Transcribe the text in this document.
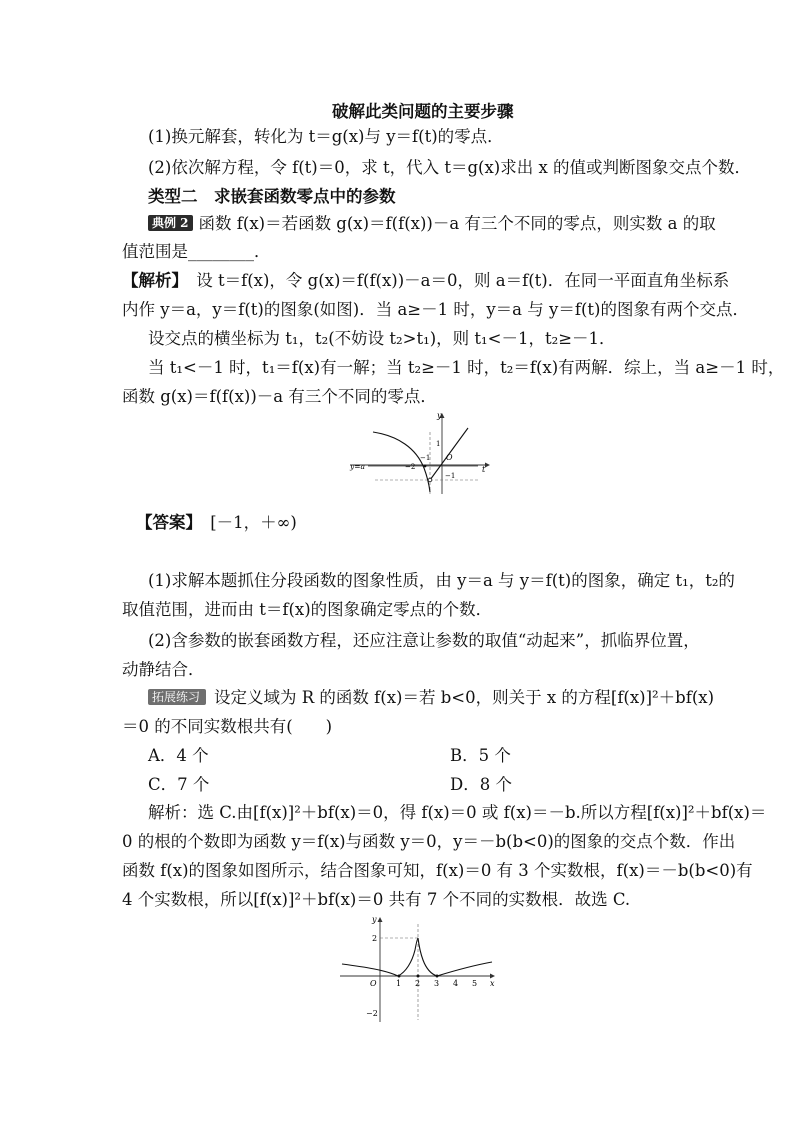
破解此类问题的主要步骤
(1)换元解套，转化为 t＝g(x)与 y＝f(t)的零点．
(2)依次解方程，令 f(t)＝0，求 t，代入 t＝g(x)求出 x 的值或判断图象交点个数．
类型二　求嵌套函数零点中的参数
典例 2 函数 f(x)＝若函数 g(x)＝f(f(x))－a 有三个不同的零点，则实数 a 的取
值范围是________．
【解析】　 设 t＝f(x)，令 g(x)＝f(f(x))－a＝0，则 a＝f(t)．在同一平面直角坐标系
内作 y＝a，y＝f(t)的图象(如图)．当 a≥－1 时，y＝a 与 y＝f(t)的图象有两个交点．
设交点的横坐标为 t₁，t₂(不妨设 t₂>t₁)，则 t₁<－1，t₂≥－1．
当 t₁<－1 时，t₁＝f(x)有一解；当 t₂≥－1 时，t₂＝f(x)有两解．综上，当 a≥－1 时，
函数 g(x)＝f(f(x))－a 有三个不同的零点．
y
t
O
1
−1
−2
−1
y=a
【答案】　 [－1，＋∞)
(1)求解本题抓住分段函数的图象性质，由 y＝a 与 y＝f(t)的图象，确定 t₁，t₂的
取值范围，进而由 t＝f(x)的图象确定零点的个数．
(2)含参数的嵌套函数方程，还应注意让参数的取值“动起来”，抓临界位置，
动静结合．
拓展练习 设定义域为 R 的函数 f(x)＝若 b<0，则关于 x 的方程[f(x)]²＋bf(x)
＝0 的不同实数根共有(　　)
A．4 个	B．5 个
C．7 个	D．8 个
解析：选 C.由[f(x)]²＋bf(x)＝0，得 f(x)＝0 或 f(x)＝－b.所以方程[f(x)]²＋bf(x)＝
0 的根的个数即为函数 y＝f(x)与函数 y＝0，y＝－b(b<0)的图象的交点个数．作出
函数 f(x)的图象如图所示，结合图象可知，f(x)＝0 有 3 个实数根，f(x)＝－b(b<0)有
4 个实数根，所以[f(x)]²＋bf(x)＝0 共有 7 个不同的实数根．故选 C.
y
x
O
2
−2
1 2 3 4 5
